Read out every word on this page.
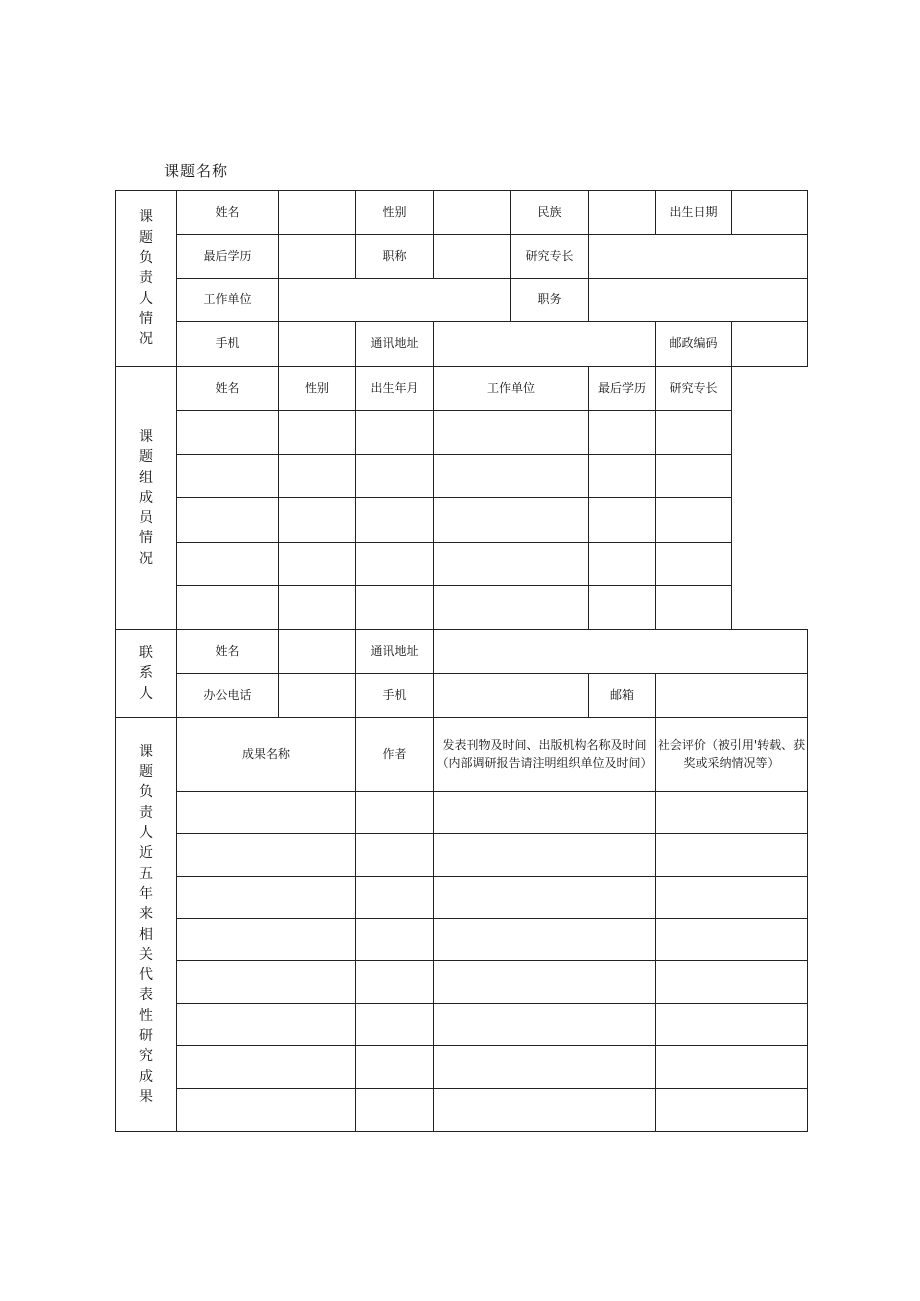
课题名称
课题负责人情况	姓名		性别		民族		出生日期	
	最后学历		职称		研究专长			
	工作单位				职务			
	手机		通讯地址				邮政编码	
课题组成员情况	姓名	性别	出生年月	工作单位		最后学历	研究专长	

联系人	姓名		通讯地址					
	办公电话		手机			邮箱		
课题负责人近五年来相关代表性研究成果	成果名称		作者	发表刊物及时间、出版机构名称及时间（内部调研报告请注明组织单位及时间）			社会评价（被引用'转载、获奖或采纳情况等）	
